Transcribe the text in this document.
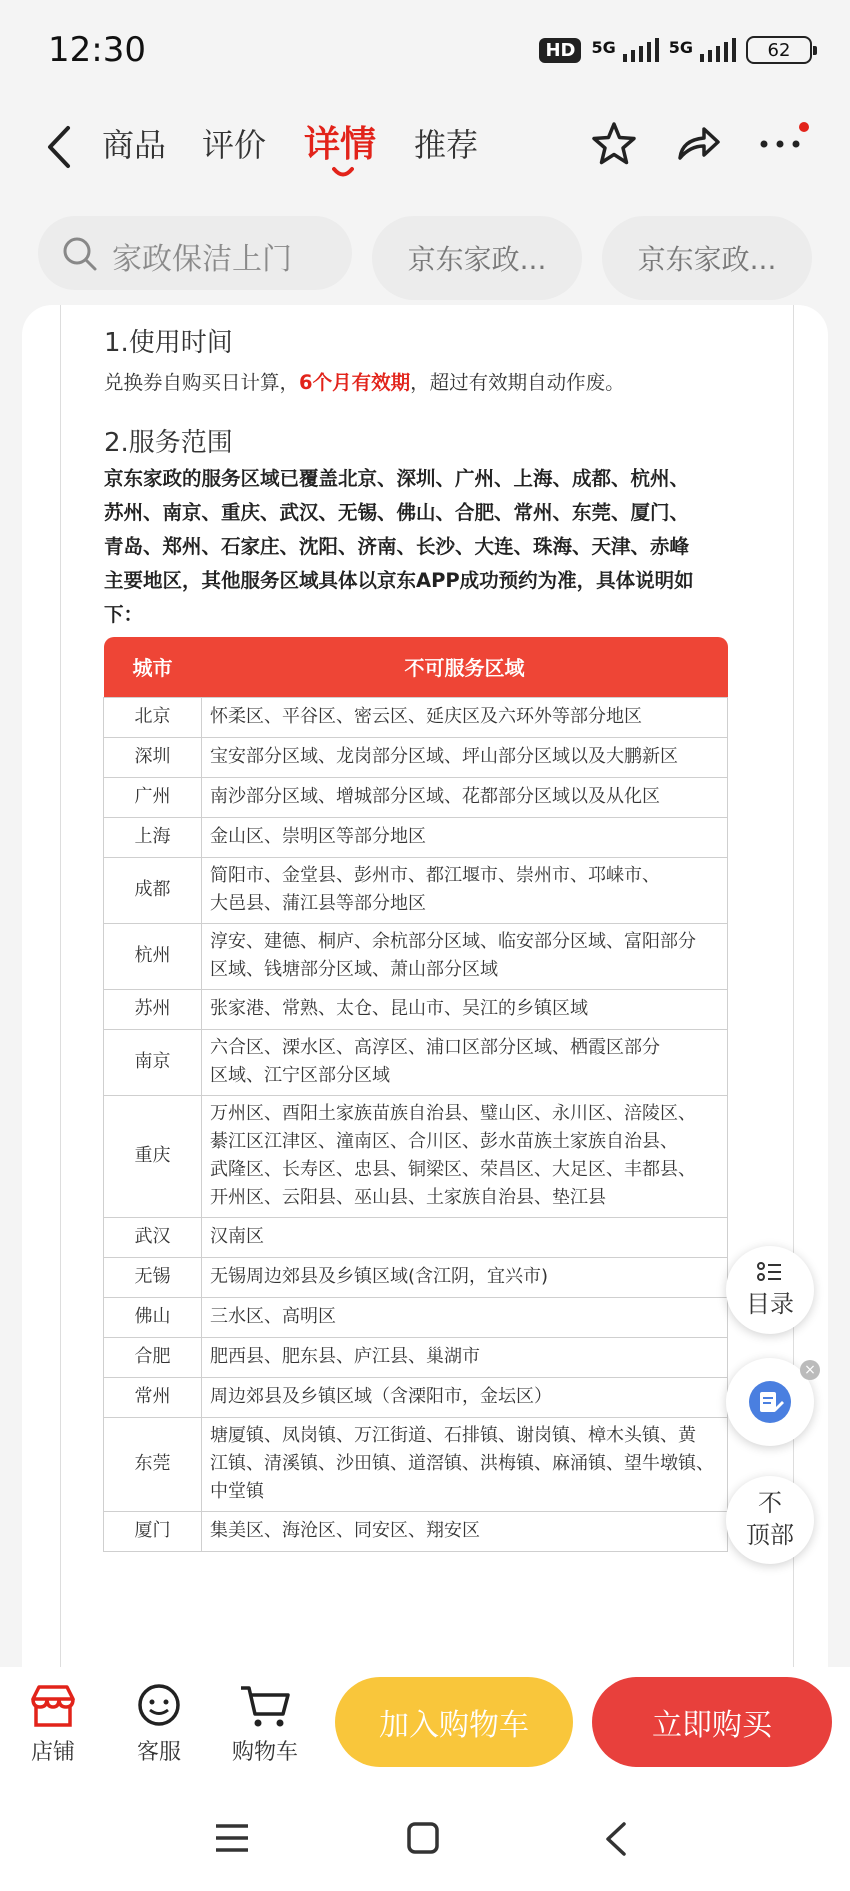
12:30	HD	5G	5G	62
商品 评价 详情 推荐
家政保洁上门	京东家政...	京东家政...
1.使用时间
兑换券自购买日计算，6个月有效期，超过有效期自动作废。
2.服务范围
京东家政的服务区域已覆盖北京、深圳、广州、上海、成都、杭州、
苏州、南京、重庆、武汉、无锡、佛山、合肥、常州、东莞、厦门、
青岛、郑州、石家庄、沈阳、济南、长沙、大连、珠海、天津、赤峰
主要地区，其他服务区域具体以京东APP成功预约为准，具体说明如
下：
城市	不可服务区域
北京	怀柔区、平谷区、密云区、延庆区及六环外等部分地区

深圳	宝安部分区域、龙岗部分区域、坪山部分区域以及大鹏新区

广州	南沙部分区域、增城部分区域、花都部分区域以及从化区

上海	金山区、崇明区等部分地区

成都	简阳市、金堂县、彭州市、都江堰市、崇州市、邛崃市、
大邑县、蒲江县等部分地区

杭州	淳安、建德、桐庐、余杭部分区域、临安部分区域、富阳部分
区域、钱塘部分区域、萧山部分区域

苏州	张家港、常熟、太仓、昆山市、吴江的乡镇区域

南京	六合区、溧水区、高淳区、浦口区部分区域、栖霞区部分
区域、江宁区部分区域

重庆	万州区、酉阳土家族苗族自治县、璧山区、永川区、涪陵区、
綦江区江津区、潼南区、合川区、彭水苗族土家族自治县、
武隆区、长寿区、忠县、铜梁区、荣昌区、大足区、丰都县、
开州区、云阳县、巫山县、土家族自治县、垫江县

武汉	汉南区

无锡	无锡周边郊县及乡镇区域(含江阴，宜兴市)

佛山	三水区、高明区

合肥	肥西县、肥东县、庐江县、巢湖市

常州	周边郊县及乡镇区域（含溧阳市，金坛区）

东莞	塘厦镇、凤岗镇、万江街道、石排镇、谢岗镇、樟木头镇、黄
江镇、清溪镇、沙田镇、道滘镇、洪梅镇、麻涌镇、望牛墩镇、
中堂镇

厦门	集美区、海沧区、同安区、翔安区
目录
×
不
顶部
店铺	客服	购物车
加入购物车	立即购买
